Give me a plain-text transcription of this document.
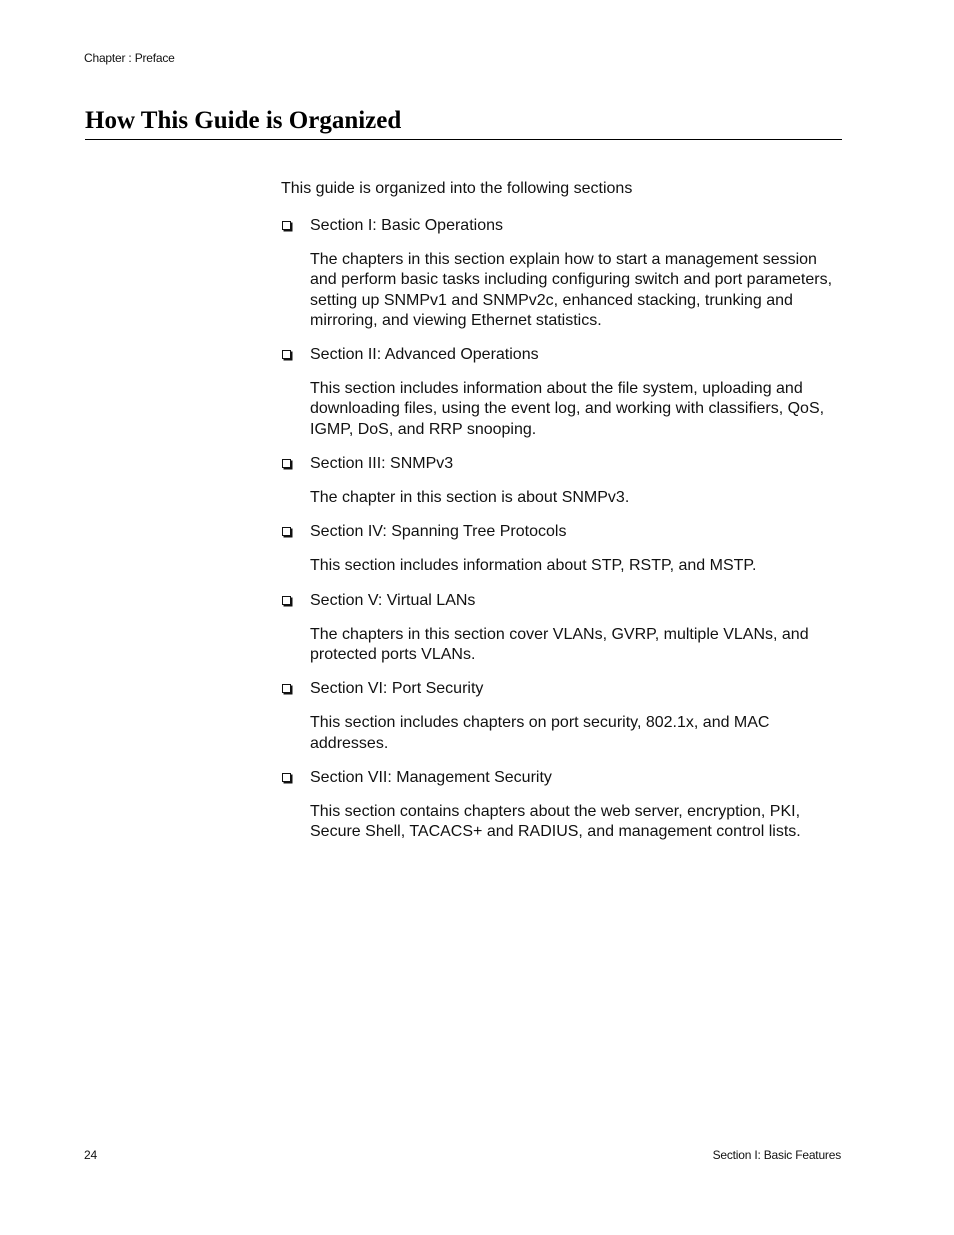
Chapter : Preface
How This Guide is Organized

This guide is organized into the following sections

Section I: Basic Operations

The chapters in this section explain how to start a management session and perform basic tasks including configuring switch and port parameters, setting up SNMPv1 and SNMPv2c, enhanced stacking, trunking and mirroring, and viewing Ethernet statistics.

Section II: Advanced Operations

This section includes information about the file system, uploading and downloading files, using the event log, and working with classifiers, QoS, IGMP, DoS, and RRP snooping.

Section III: SNMPv3

The chapter in this section is about SNMPv3.

Section IV: Spanning Tree Protocols

This section includes information about STP, RSTP, and MSTP.

Section V: Virtual LANs

The chapters in this section cover VLANs, GVRP, multiple VLANs, and protected ports VLANs.

Section VI: Port Security

This section includes chapters on port security, 802.1x, and MAC addresses.

Section VII: Management Security

This section contains chapters about the web server, encryption, PKI, Secure Shell, TACACS+ and RADIUS, and management control lists.

24	Section I: Basic Features
